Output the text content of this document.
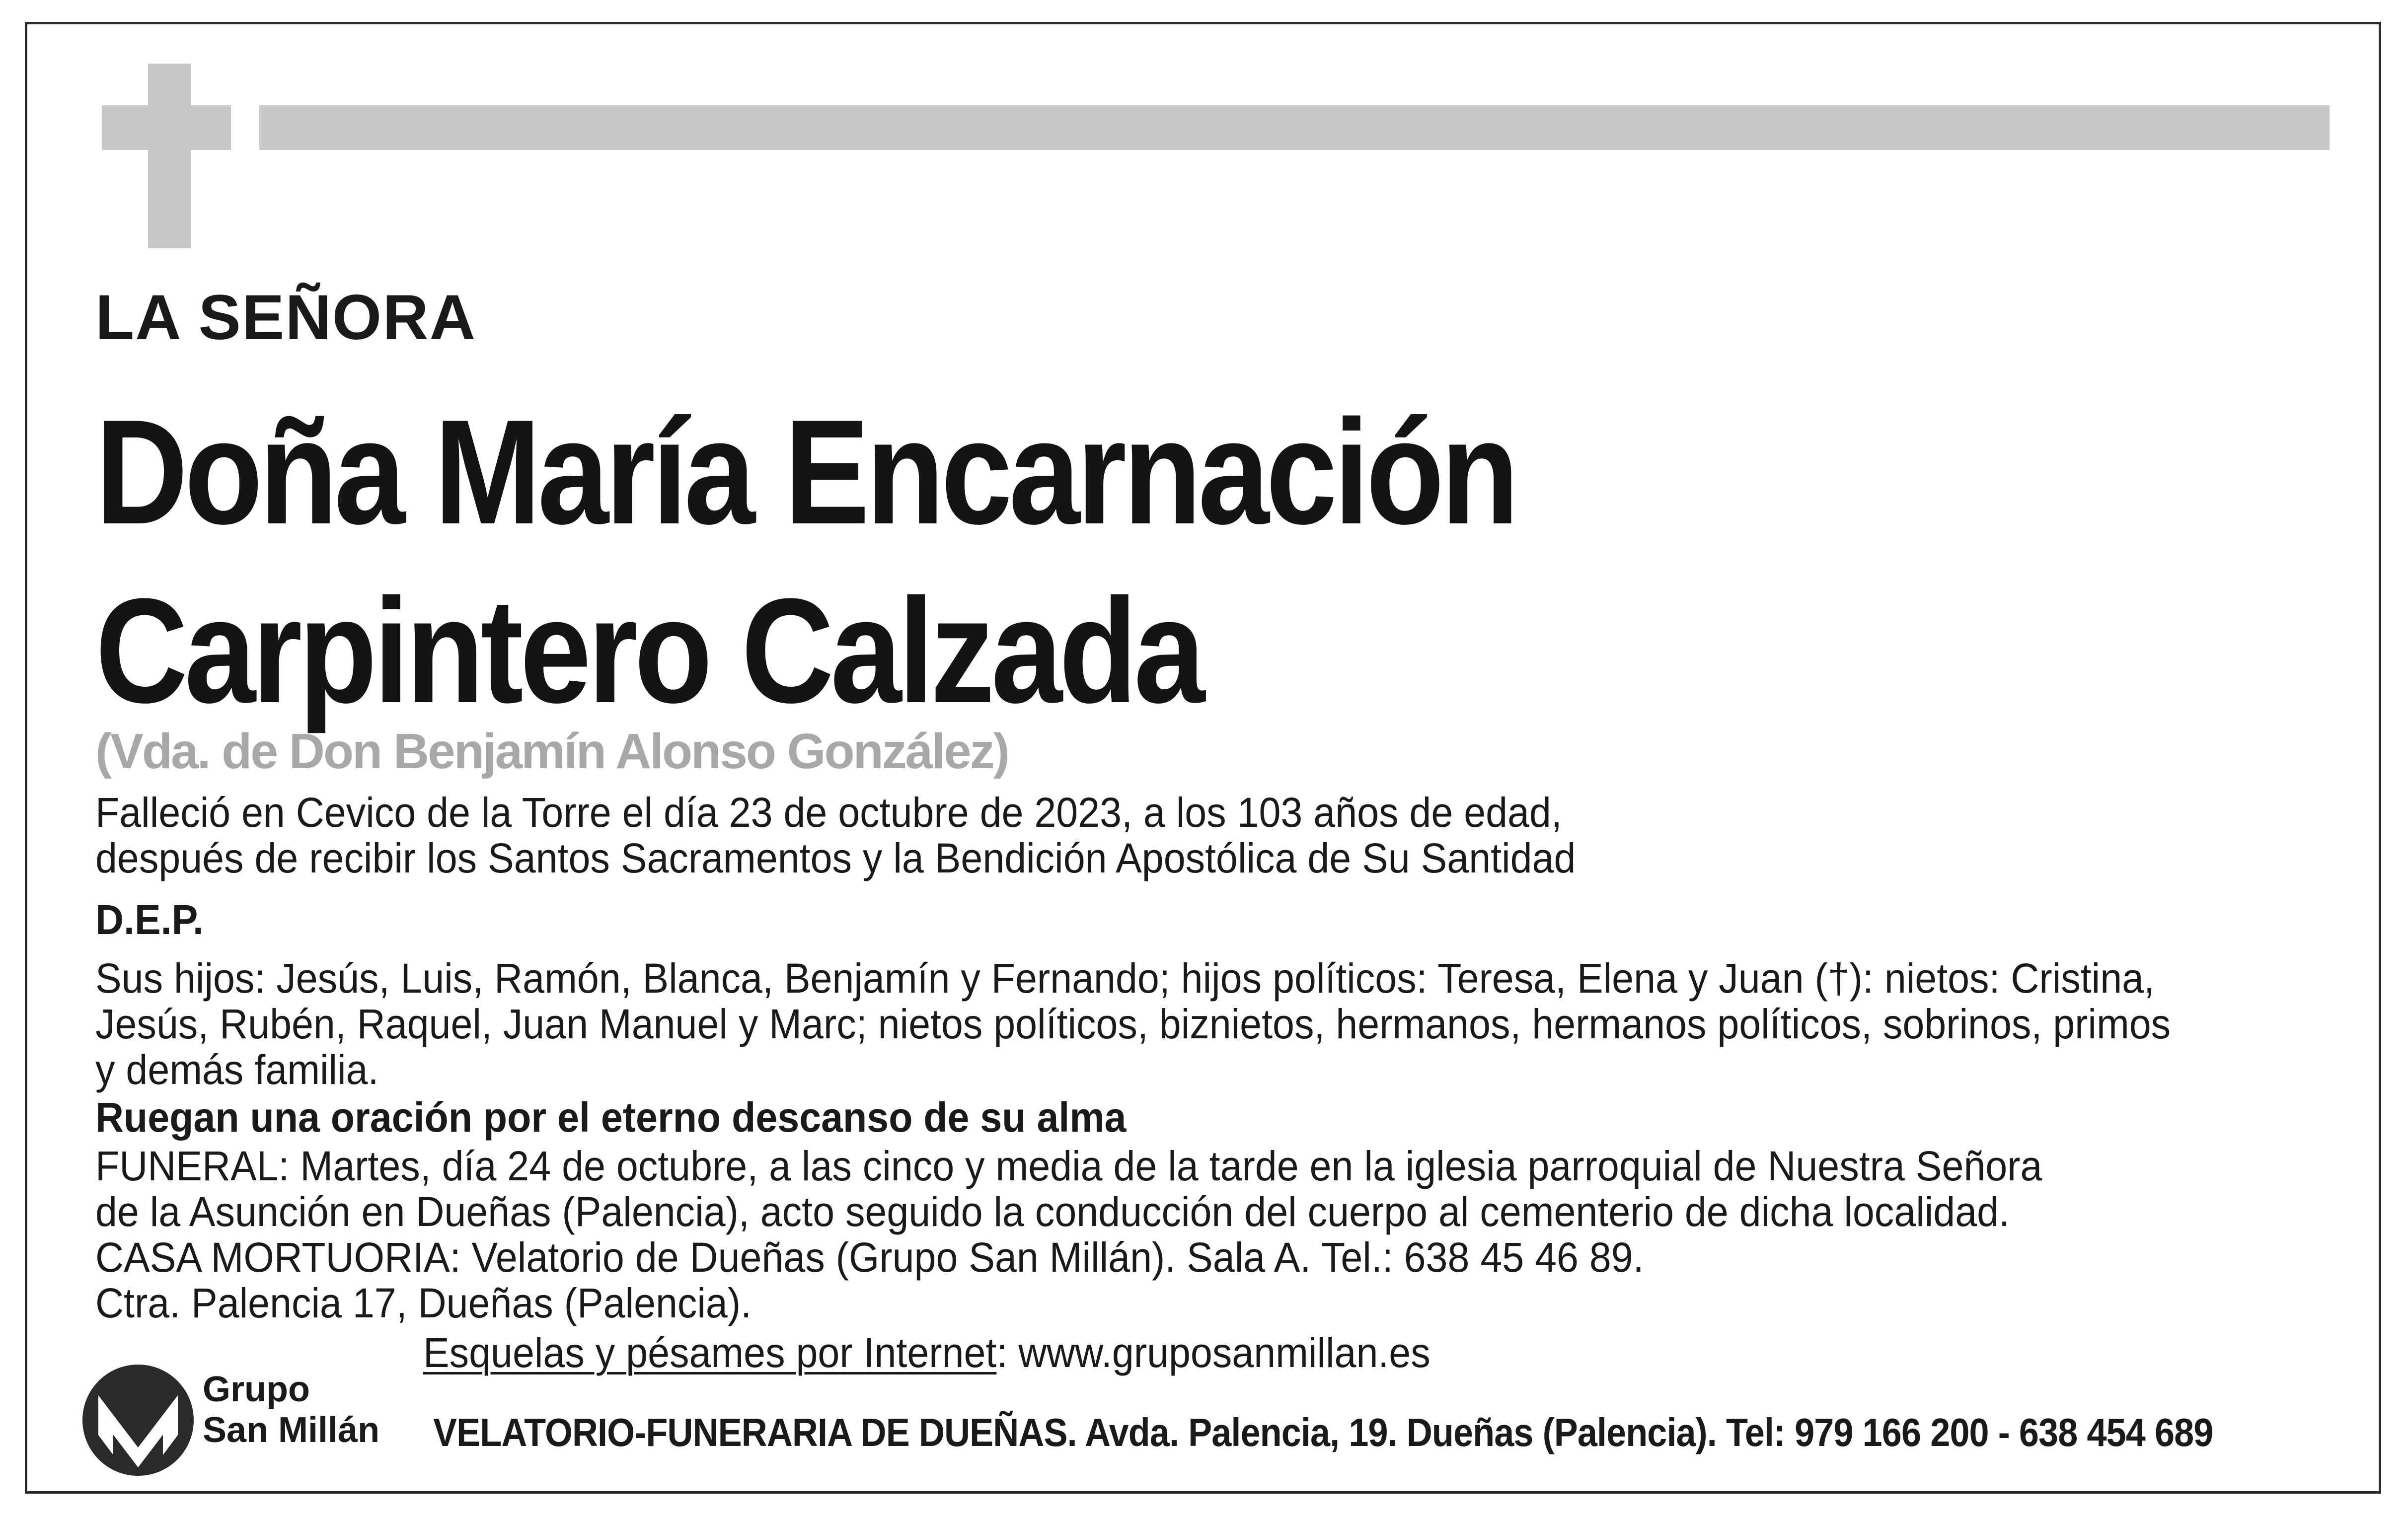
LA SEÑORA
Doña María Encarnación
Carpintero Calzada
(Vda. de Don Benjamín Alonso González)
Falleció en Cevico de la Torre el día 23 de octubre de 2023, a los 103 años de edad,
después de recibir los Santos Sacramentos y la Bendición Apostólica de Su Santidad
D.E.P.
Sus hijos: Jesús, Luis, Ramón, Blanca, Benjamín y Fernando; hijos políticos: Teresa, Elena y Juan (†): nietos: Cristina,
Jesús, Rubén, Raquel, Juan Manuel y Marc; nietos políticos, biznietos, hermanos, hermanos políticos, sobrinos, primos
y demás familia.
Ruegan una oración por el eterno descanso de su alma
FUNERAL: Martes, día 24 de octubre, a las cinco y media de la tarde en la iglesia parroquial de Nuestra Señora
de la Asunción en Dueñas (Palencia), acto seguido la conducción del cuerpo al cementerio de dicha localidad.
CASA MORTUORIA: Velatorio de Dueñas (Grupo San Millán). Sala A. Tel.: 638 45 46 89.
Ctra. Palencia 17, Dueñas (Palencia).
Esquelas y pésames por Internet: www.gruposanmillan.es
Grupo
San Millán VELATORIO-FUNERARIA DE DUEÑAS. Avda. Palencia, 19. Dueñas (Palencia). Tel: 979 166 200 - 638 454 689
